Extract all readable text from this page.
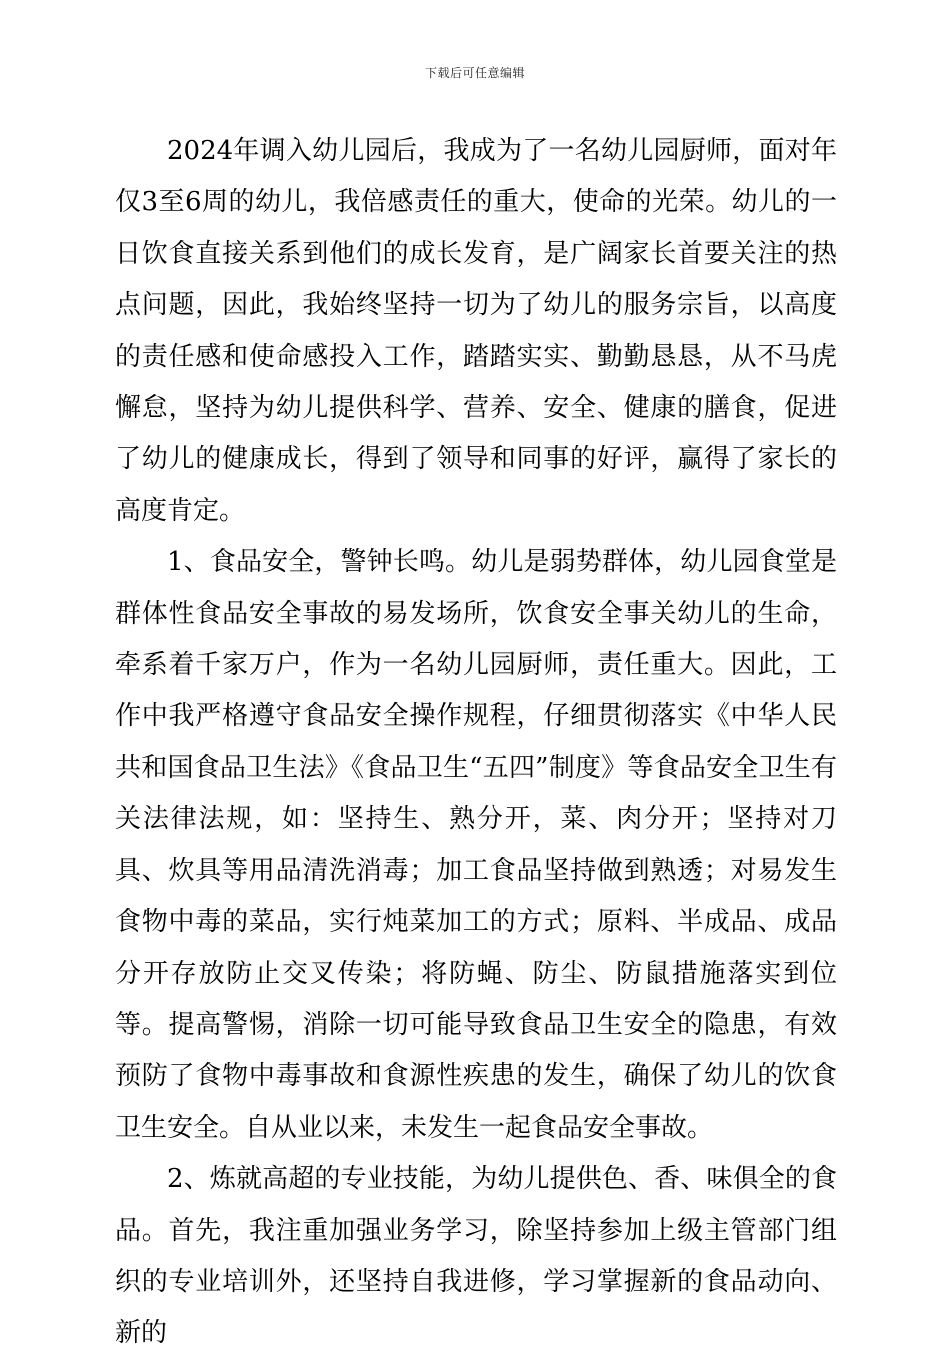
下载后可任意编辑

2024年调入幼儿园后，我成为了一名幼儿园厨师，面对年仅3至6周的幼儿，我倍感责任的重大，使命的光荣。幼儿的一日饮食直接关系到他们的成长发育，是广阔家长首要关注的热点问题，因此，我始终坚持一切为了幼儿的服务宗旨，以高度的责任感和使命感投入工作，踏踏实实、勤勤恳恳，从不马虎懈怠，坚持为幼儿提供科学、营养、安全、健康的膳食，促进了幼儿的健康成长，得到了领导和同事的好评，赢得了家长的高度肯定。

1、食品安全，警钟长鸣。幼儿是弱势群体，幼儿园食堂是群体性食品安全事故的易发场所，饮食安全事关幼儿的生命，牵系着千家万户，作为一名幼儿园厨师，责任重大。因此，工作中我严格遵守食品安全操作规程，仔细贯彻落实《中华人民共和国食品卫生法》《食品卫生“五四”制度》等食品安全卫生有关法律法规，如：坚持生、熟分开，菜、肉分开；坚持对刀具、炊具等用品清洗消毒；加工食品坚持做到熟透；对易发生食物中毒的菜品，实行炖菜加工的方式；原料、半成品、成品分开存放防止交叉传染；将防蝇、防尘、防鼠措施落实到位等。提高警惕，消除一切可能导致食品卫生安全的隐患，有效预防了食物中毒事故和食源性疾患的发生，确保了幼儿的饮食卫生安全。自从业以来，未发生一起食品安全事故。

2、炼就高超的专业技能，为幼儿提供色、香、味俱全的食品。首先，我注重加强业务学习，除坚持参加上级主管部门组织的专业培训外，还坚持自我进修，学习掌握新的食品动向、新的
